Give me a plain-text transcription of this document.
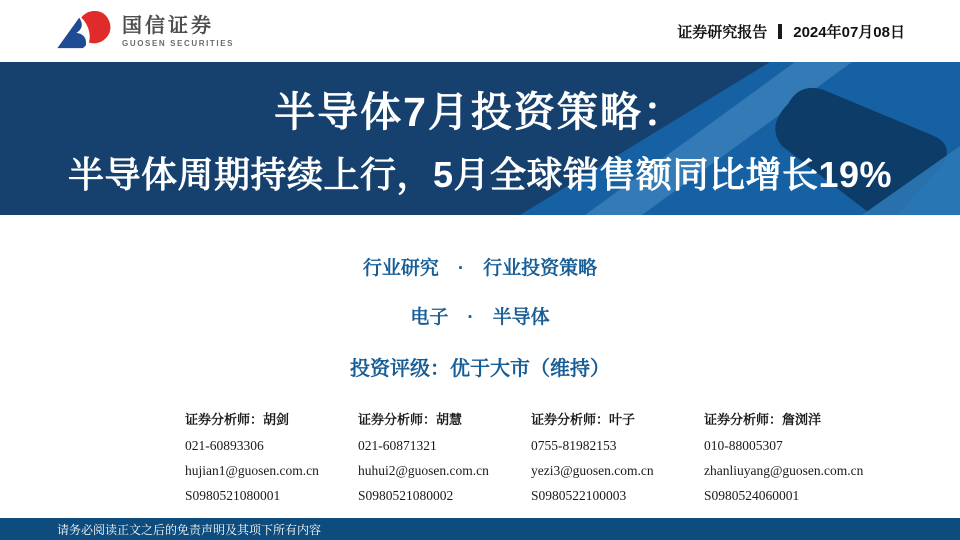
国信证券
GUOSEN SECURITIES
证券研究报告 2024年07月08日
半导体7月投资策略：
半导体周期持续上行，5月全球销售额同比增长19%
行业研究　·　行业投资策略
电子　·　半导体
投资评级：优于大市（维持）
证券分析师：胡剑
021-60893306
hujian1@guosen.com.cn
S0980521080001
证券分析师：胡慧
021-60871321
huhui2@guosen.com.cn
S0980521080002
证券分析师：叶子
0755-81982153
yezi3@guosen.com.cn
S0980522100003
证券分析师：詹浏洋
010-88005307
zhanliuyang@guosen.com.cn
S0980524060001
请务必阅读正文之后的免责声明及其项下所有内容
